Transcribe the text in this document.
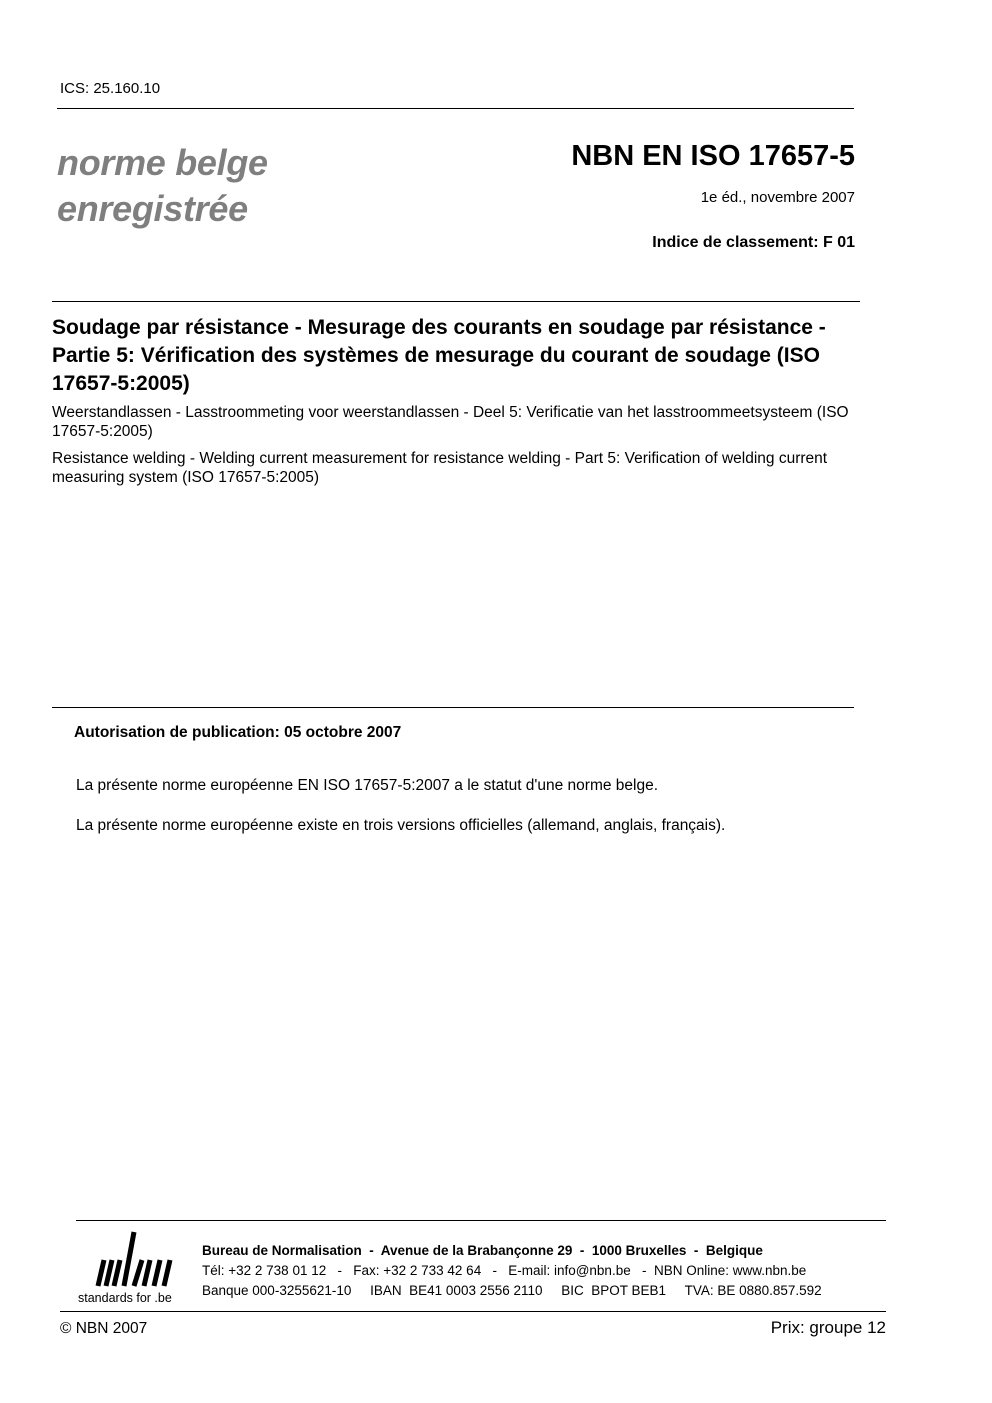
ICS: 25.160.10
norme belge
enregistrée
NBN EN ISO 17657-5
1e éd., novembre 2007
Indice de classement: F 01
Soudage par résistance - Mesurage des courants en soudage par résistance - Partie 5: Vérification des systèmes de mesurage du courant de soudage (ISO 17657-5:2005)
Weerstandlassen - Lasstroommeting voor weerstandlassen - Deel 5: Verificatie van het lasstroommeetsysteem (ISO 17657-5:2005)
Resistance welding - Welding current measurement for resistance welding - Part 5: Verification of welding current measuring system (ISO 17657-5:2005)
Autorisation de publication: 05 octobre 2007
La présente norme européenne EN ISO 17657-5:2007 a le statut d'une norme belge.
La présente norme européenne existe en trois versions officielles (allemand, anglais, français).
standards for .be
Bureau de Normalisation  -  Avenue de la Brabançonne 29  -  1000 Bruxelles  -  Belgique
Tél: +32 2 738 01 12   -   Fax: +32 2 733 42 64   -   E-mail: info@nbn.be   -  NBN Online: www.nbn.be
Banque 000-3255621-10     IBAN  BE41 0003 2556 2110     BIC  BPOT BEB1     TVA: BE 0880.857.592
© NBN 2007	Prix: groupe 12
